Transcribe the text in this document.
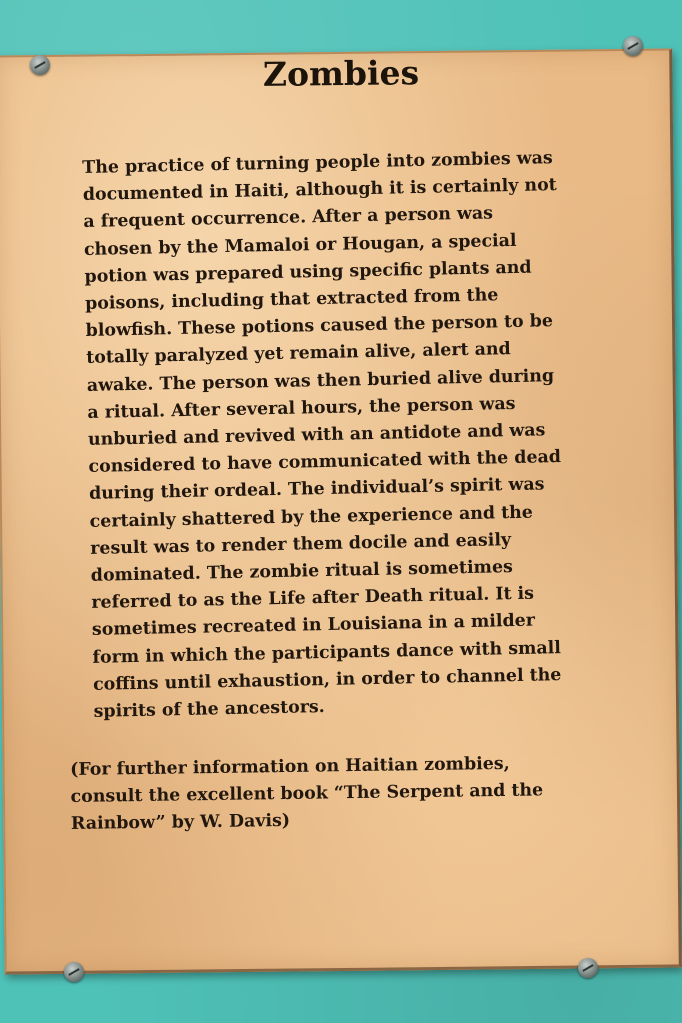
Zombies
The practice of turning people into zombies was
documented in Haiti, although it is certainly not
a frequent occurrence. After a person was
chosen by the Mamaloi or Hougan, a special
potion was prepared using specific plants and
poisons, including that extracted from the
blowfish. These potions caused the person to be
totally paralyzed yet remain alive, alert and
awake. The person was then buried alive during
a ritual. After several hours, the person was
unburied and revived with an antidote and was
considered to have communicated with the dead
during their ordeal. The individual’s spirit was
certainly shattered by the experience and the
result was to render them docile and easily
dominated. The zombie ritual is sometimes
referred to as the Life after Death ritual. It is
sometimes recreated in Louisiana in a milder
form in which the participants dance with small
coffins until exhaustion, in order to channel the
spirits of the ancestors.
(For further information on Haitian zombies,
consult the excellent book “The Serpent and the
Rainbow” by W. Davis)
